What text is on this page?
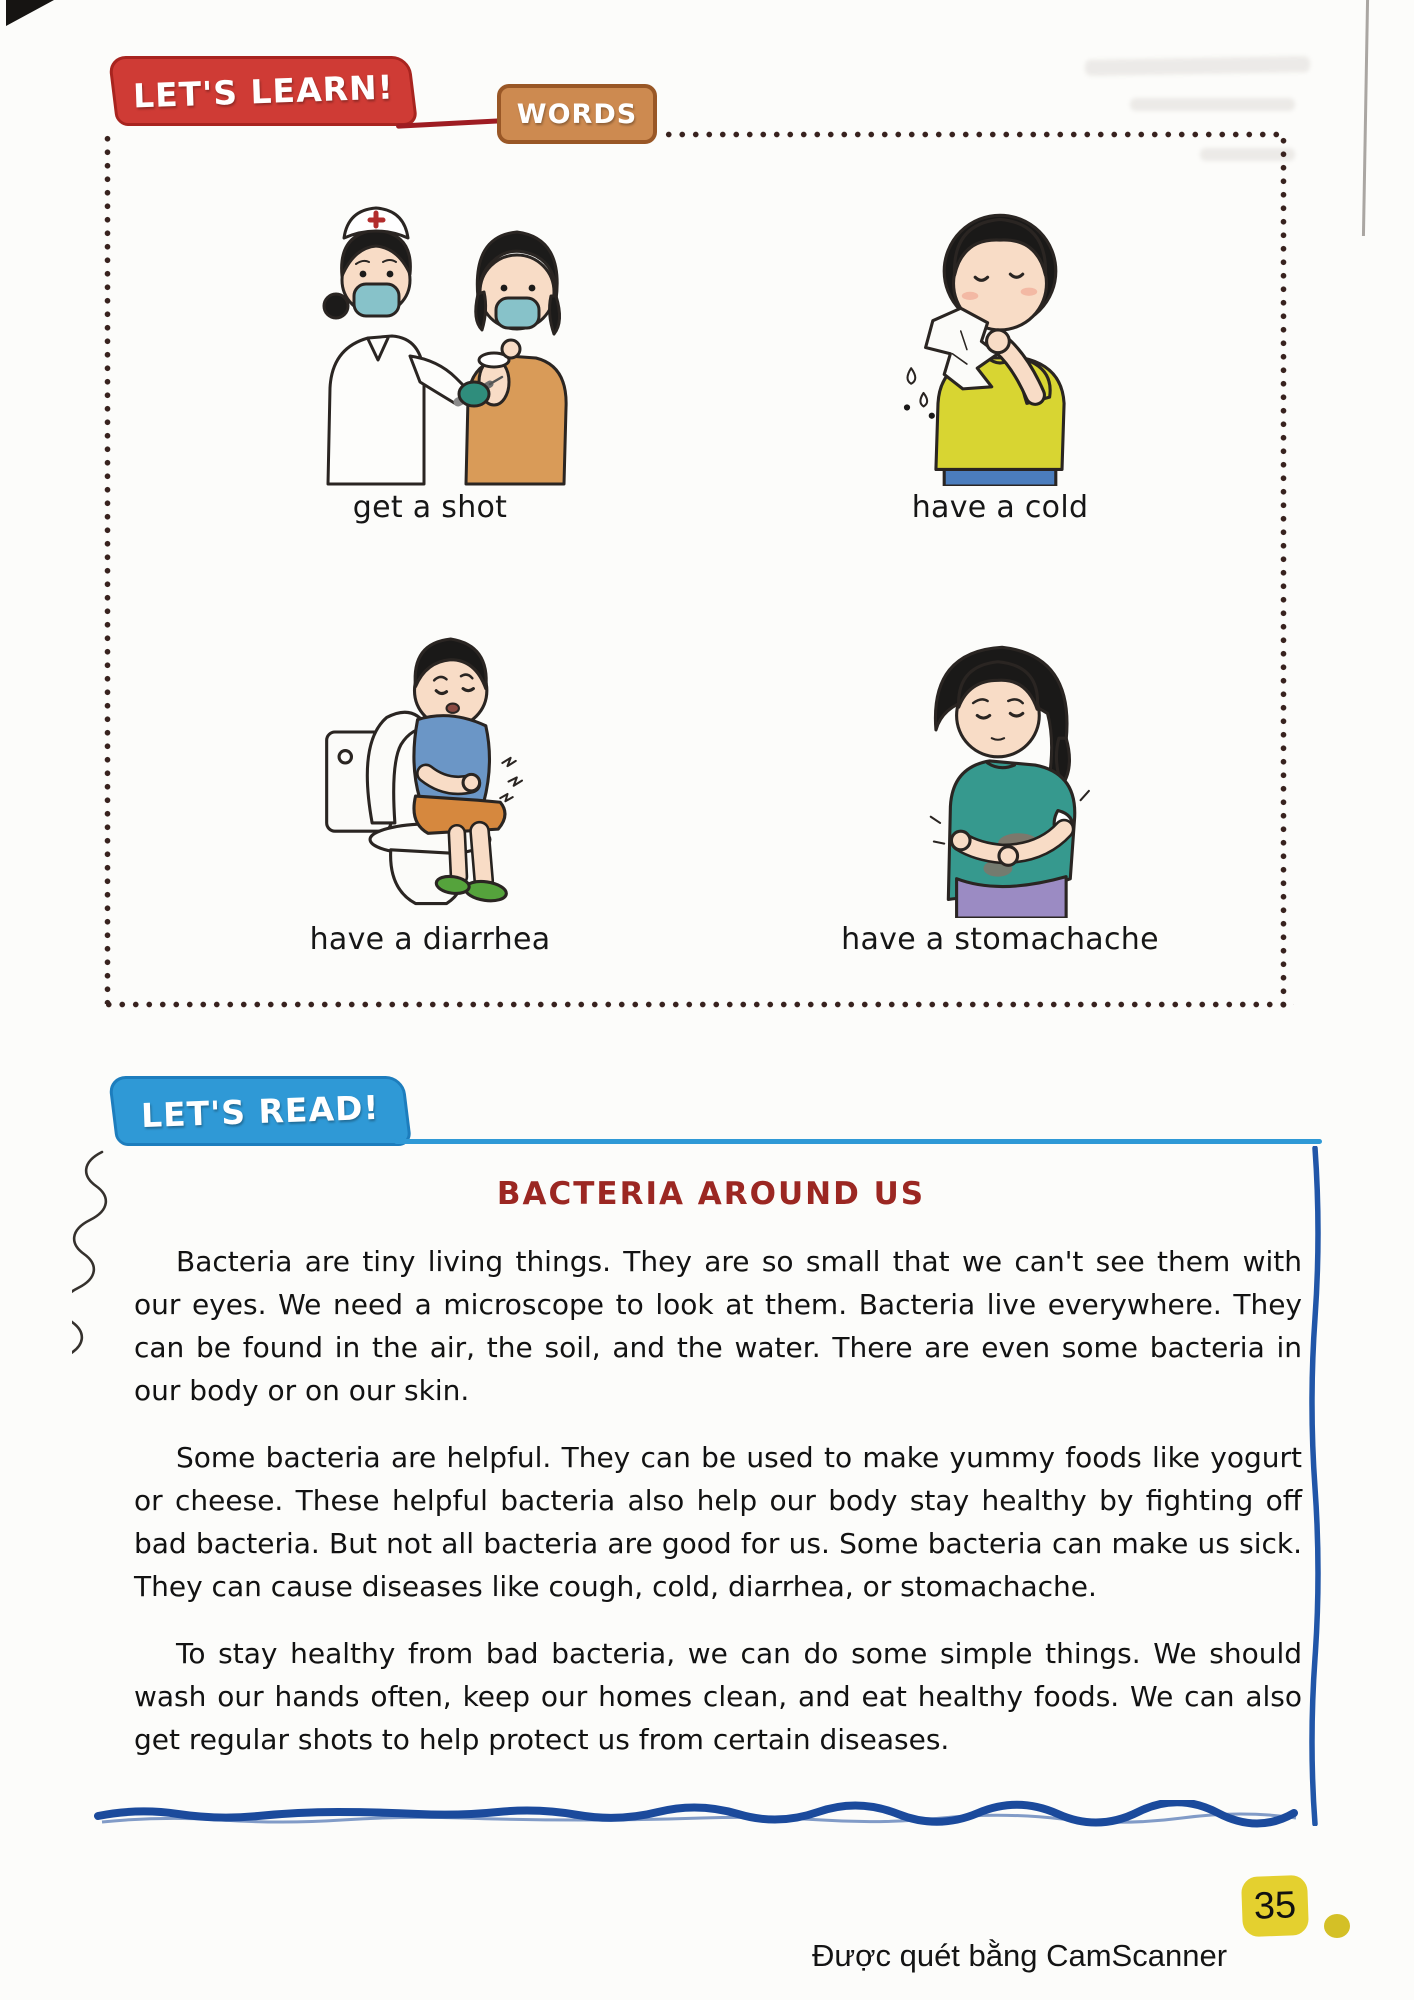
LET'S LEARN!	WORDS
get a shot	have a cold
have a diarrhea	have a stomachache
LET'S READ!
BACTERIA AROUND US

Bacteria are tiny living things. They are so small that we can't see them with our eyes. We need a microscope to look at them. Bacteria live everywhere. They can be found in the air, the soil, and the water. There are even some bacteria in our body or on our skin.

Some bacteria are helpful. They can be used to make yummy foods like yogurt or cheese. These helpful bacteria also help our body stay healthy by fighting off bad bacteria. But not all bacteria are good for us. Some bacteria can make us sick. They can cause diseases like cough, cold, diarrhea, or stomachache.

To stay healthy from bad bacteria, we can do some simple things. We should wash our hands often, keep our homes clean, and eat healthy foods. We can also get regular shots to help protect us from certain diseases.

35
Được quét bằng CamScanner
